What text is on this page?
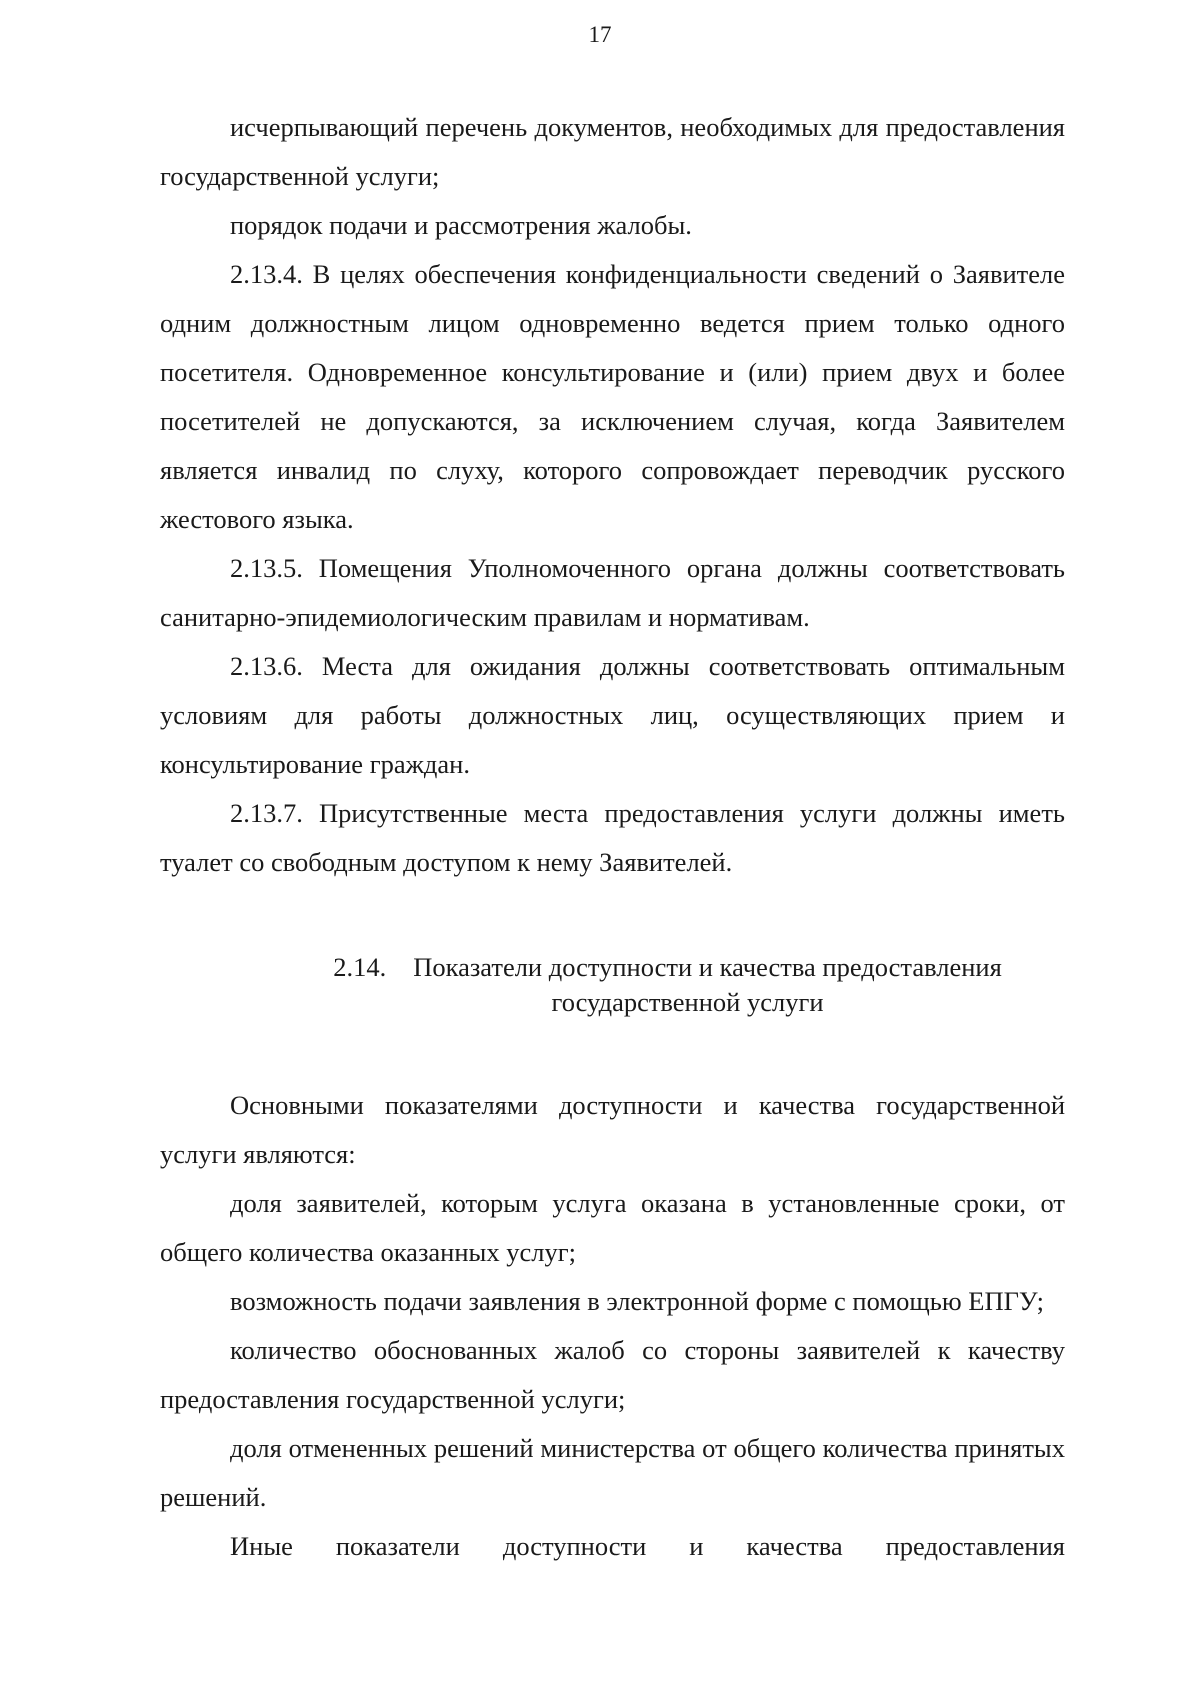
17

исчерпывающий перечень документов, необходимых для предоставления государственной услуги;

порядок подачи и рассмотрения жалобы.

2.13.4. В целях обеспечения конфиденциальности сведений о Заявителе одним должностным лицом одновременно ведется прием только одного посетителя. Одновременное консультирование и (или) прием двух и более посетителей не допускаются, за исключением случая, когда Заявителем является инвалид по слуху, которого сопровождает переводчик русского жестового языка.

2.13.5. Помещения Уполномоченного органа должны соответствовать санитарно-эпидемиологическим правилам и нормативам.

2.13.6. Места для ожидания должны соответствовать оптимальным условиям для работы должностных лиц, осуществляющих прием и консультирование граждан.

2.13.7. Присутственные места предоставления услуги должны иметь туалет со свободным доступом к нему Заявителей.

2.14. Показатели доступности и качества предоставления
государственной услуги

Основными показателями доступности и качества государственной услуги являются:

доля заявителей, которым услуга оказана в установленные сроки, от общего количества оказанных услуг;

возможность подачи заявления в электронной форме с помощью ЕПГУ;

количество обоснованных жалоб со стороны заявителей к качеству предоставления государственной услуги;

доля отмененных решений министерства от общего количества принятых решений.

Иные показатели доступности и качества предоставления
